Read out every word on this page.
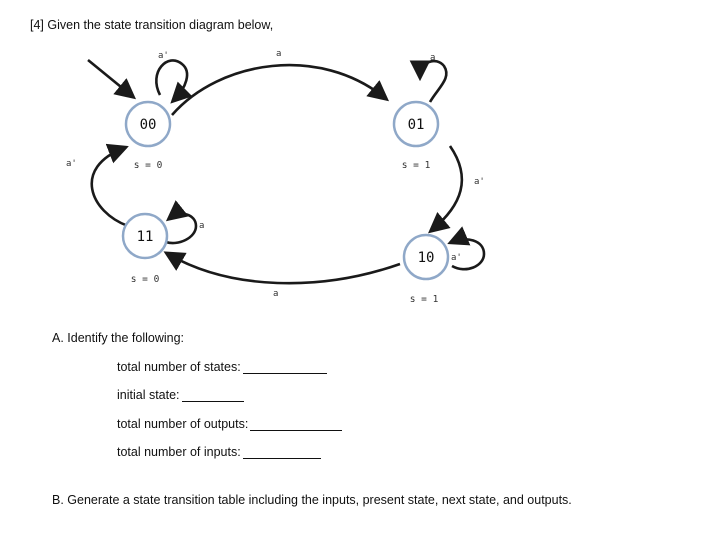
[4] Given the state transition diagram below,
a'	a	a
a'
a'
a
a
a'
00	01
11
10
s = 0	s = 1
s = 0
s = 1
A. Identify the following:
total number of states:
initial state:
total number of outputs:
total number of inputs:
B. Generate a state transition table including the inputs, present state, next state, and outputs.
